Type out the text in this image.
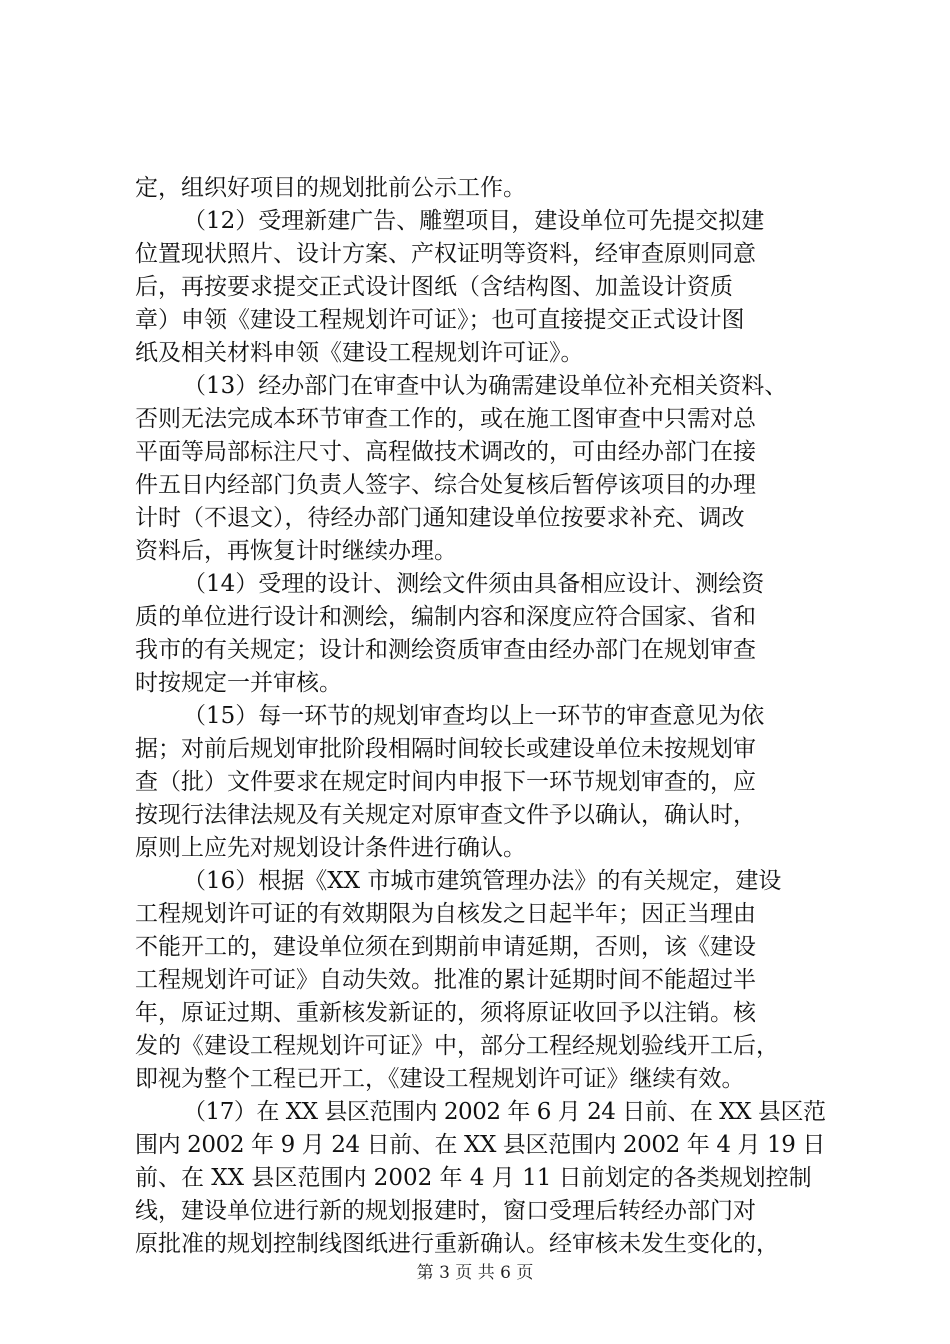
定，组织好项目的规划批前公示工作。
（12）受理新建广告、雕塑项目，建设单位可先提交拟建
位置现状照片、设计方案、产权证明等资料，经审查原则同意
后，再按要求提交正式设计图纸（含结构图、加盖设计资质
章）申领《建设工程规划许可证》；也可直接提交正式设计图
纸及相关材料申领《建设工程规划许可证》。
（13）经办部门在审查中认为确需建设单位补充相关资料、
否则无法完成本环节审查工作的，或在施工图审查中只需对总
平面等局部标注尺寸、高程做技术调改的，可由经办部门在接
件五日内经部门负责人签字、综合处复核后暂停该项目的办理
计时（不退文），待经办部门通知建设单位按要求补充、调改
资料后，再恢复计时继续办理。
（14）受理的设计、测绘文件须由具备相应设计、测绘资
质的单位进行设计和测绘，编制内容和深度应符合国家、省和
我市的有关规定；设计和测绘资质审查由经办部门在规划审查
时按规定一并审核。
（15）每一环节的规划审查均以上一环节的审查意见为依
据；对前后规划审批阶段相隔时间较长或建设单位未按规划审
查（批）文件要求在规定时间内申报下一环节规划审查的，应
按现行法律法规及有关规定对原审查文件予以确认，确认时，
原则上应先对规划设计条件进行确认。
（16）根据《XX 市城市建筑管理办法》的有关规定，建设
工程规划许可证的有效期限为自核发之日起半年；因正当理由
不能开工的，建设单位须在到期前申请延期，否则，该《建设
工程规划许可证》自动失效。批准的累计延期时间不能超过半
年，原证过期、重新核发新证的，须将原证收回予以注销。核
发的《建设工程规划许可证》中，部分工程经规划验线开工后，
即视为整个工程已开工，《建设工程规划许可证》继续有效。
（17）在 XX 县区范围内 2002 年 6 月 24 日前、在 XX 县区范
围内 2002 年 9 月 24 日前、在 XX 县区范围内 2002 年 4 月 19 日
前、在 XX 县区范围内 2002 年 4 月 11 日前划定的各类规划控制
线，建设单位进行新的规划报建时，窗口受理后转经办部门对
原批准的规划控制线图纸进行重新确认。经审核未发生变化的，
第 3 页 共 6 页
